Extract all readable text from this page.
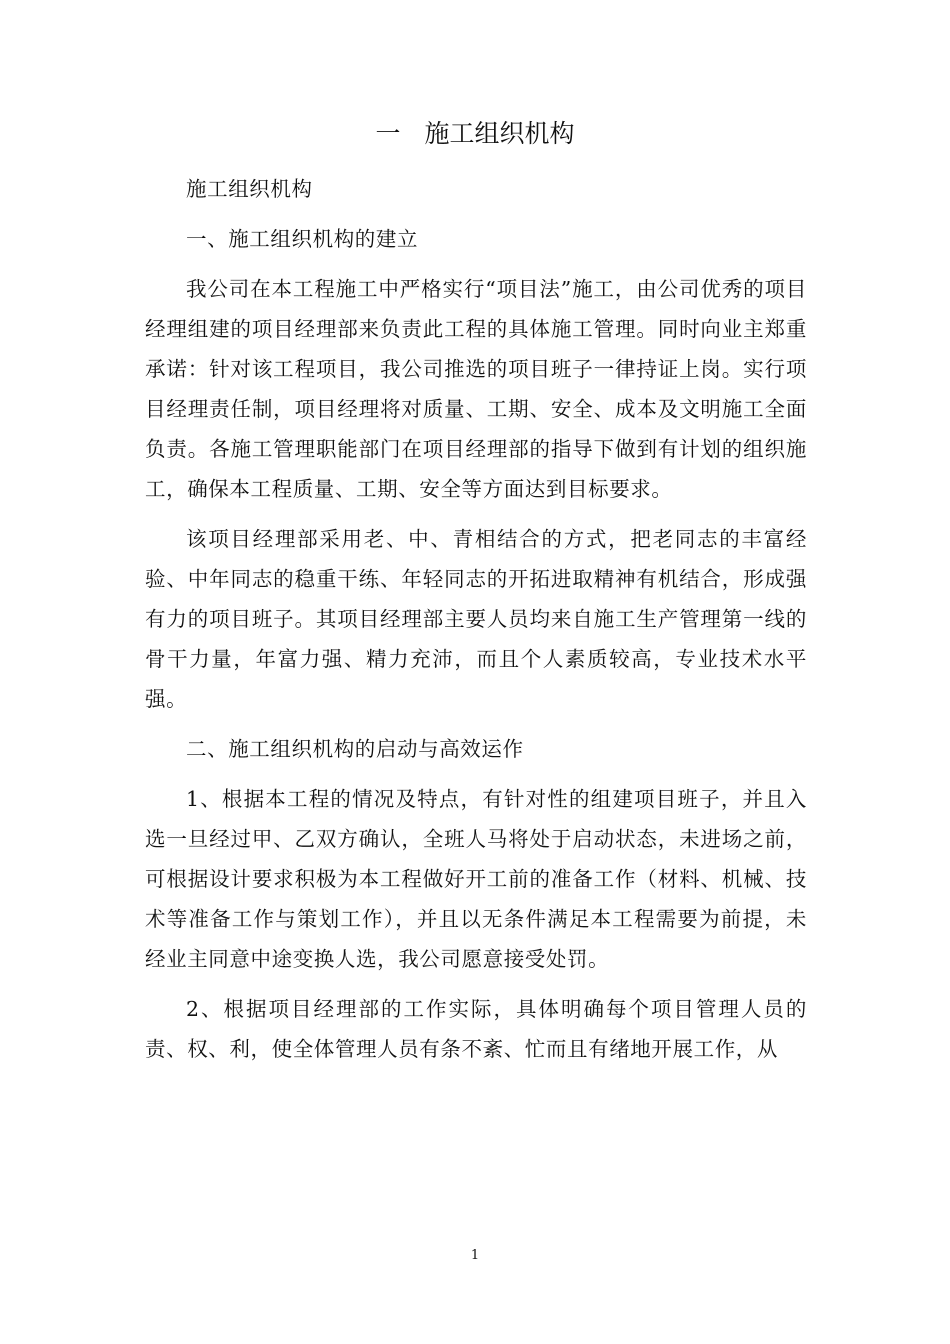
一 施工组织机构

施工组织机构

一、施工组织机构的建立

我公司在本工程施工中严格实行“项目法”施工，由公司优秀的项目经理组建的项目经理部来负责此工程的具体施工管理。同时向业主郑重承诺：针对该工程项目，我公司推选的项目班子一律持证上岗。实行项目经理责任制，项目经理将对质量、工期、安全、成本及文明施工全面负责。各施工管理职能部门在项目经理部的指导下做到有计划的组织施工，确保本工程质量、工期、安全等方面达到目标要求。

该项目经理部采用老、中、青相结合的方式，把老同志的丰富经验、中年同志的稳重干练、年轻同志的开拓进取精神有机结合，形成强有力的项目班子。其项目经理部主要人员均来自施工生产管理第一线的骨干力量，年富力强、精力充沛，而且个人素质较高，专业技术水平强。

二、施工组织机构的启动与高效运作

1、根据本工程的情况及特点，有针对性的组建项目班子，并且入选一旦经过甲、乙双方确认，全班人马将处于启动状态，未进场之前，可根据设计要求积极为本工程做好开工前的准备工作（材料、机械、技术等准备工作与策划工作），并且以无条件满足本工程需要为前提，未经业主同意中途变换人选，我公司愿意接受处罚。

2、根据项目经理部的工作实际，具体明确每个项目管理人员的责、权、利，使全体管理人员有条不紊、忙而且有绪地开展工作，从

1
